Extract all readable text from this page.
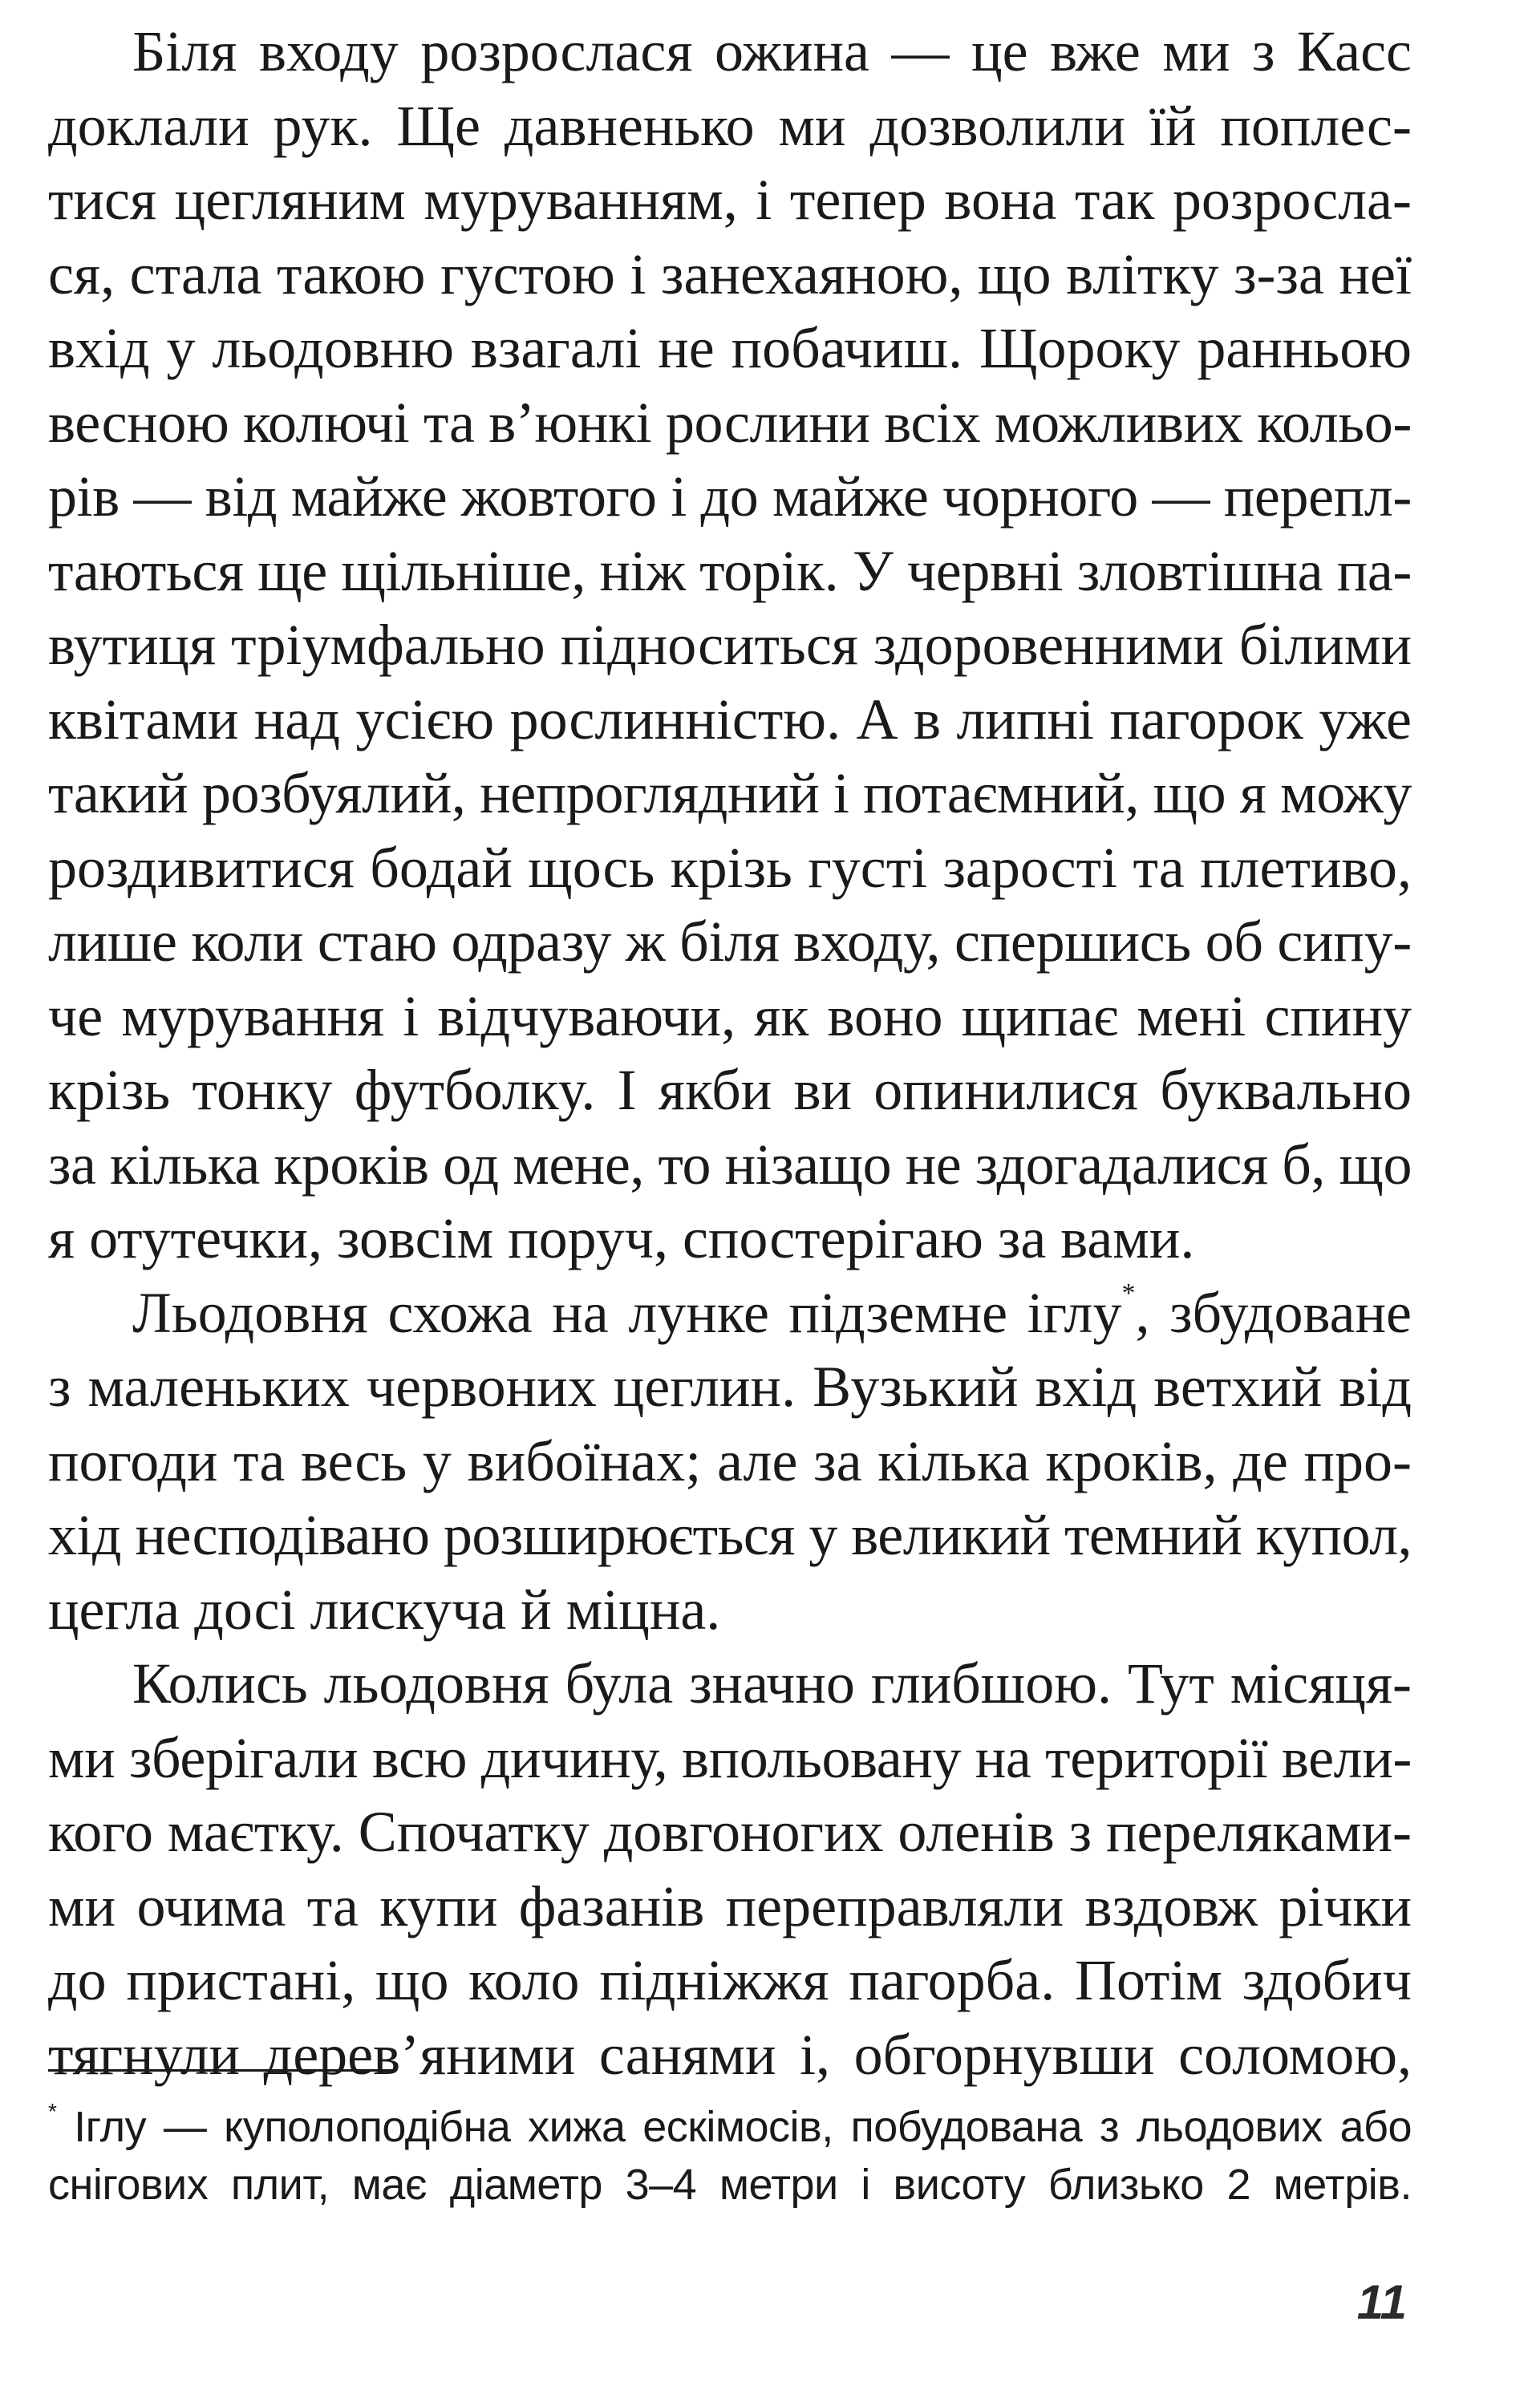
Біля входу розрослася ожина — це вже ми з Касс
доклали рук. Ще давненько ми дозволили їй поплес-
тися цегляним муруванням, і тепер вона так розросла-
ся, стала такою густою і занехаяною, що влітку з-за неї
вхід у льодовню взагалі не побачиш. Щороку ранньою
весною колючі та в’юнкі рослини всіх можливих кольо-
рів — від майже жовтого і до майже чорного — перепл-
таються ще щільніше, ніж торік. У червні зловтішна па-
вутиця тріумфально підноситься здоровенними білими
квітами над усією рослинністю. А в липні пагорок уже
такий розбуялий, непроглядний і потаємний, що я можу
роздивитися бодай щось крізь густі зарості та плетиво,
лише коли стаю одразу ж біля входу, спершись об сипу-
че мурування і відчуваючи, як воно щипає мені спину
крізь тонку футболку. І якби ви опинилися буквально
за кілька кроків од мене, то нізащо не здогадалися б, що
я отутечки, зовсім поруч, спостерігаю за вами.
Льодовня схожа на лунке підземне іглу*, збудоване
з маленьких червоних цеглин. Вузький вхід ветхий від
погоди та весь у вибоїнах; але за кілька кроків, де про-
хід несподівано розширюється у великий темний купол,
цегла досі лискуча й міцна.
Колись льодовня була значно глибшою. Тут місяця-
ми зберігали всю дичину, впольовану на території вели-
кого маєтку. Спочатку довгоногих оленів з переляками-
ми очима та купи фазанів переправляли вздовж річки
до пристані, що коло підніжжя пагорба. Потім здобич
тягнули дерев’яними санями і, обгорнувши соломою,
* Іглу — куполоподібна хижа ескімосів, побудована з льодових або
снігових плит, має діаметр 3–4 метри і висоту близько 2 метрів.
11
